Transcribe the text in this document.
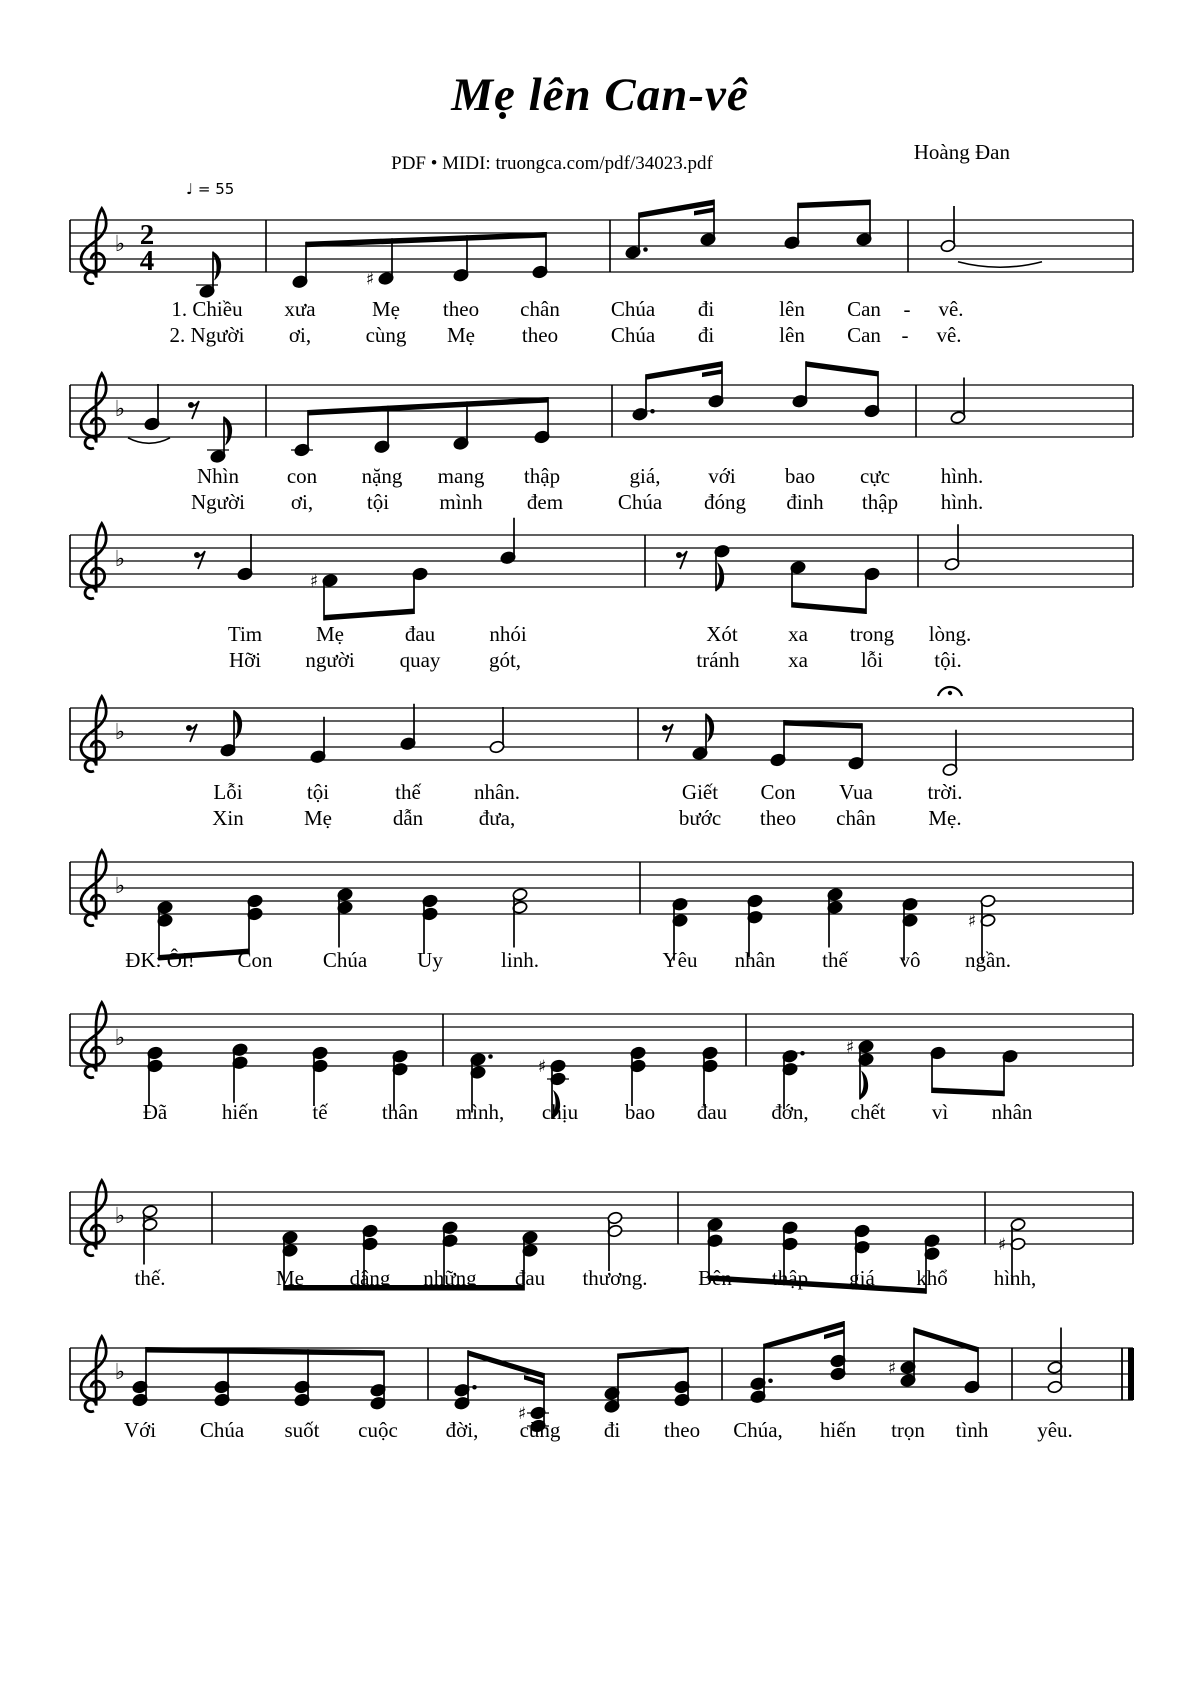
Mẹ lên Can-vê
PDF • MIDI: truongca.com/pdf/34023.pdf	Hoàng Đan
♩ = 55
♭ 2
4
♯
♭
♭
♯
♭
♭
♯
♭
♯
♯
♭
♯
♭
♯
♯
1. Chiều xưa	Mẹ theo chân Chúa đi	lên Can - vê.
2. Người ơi,	cùng Mẹ theo	Chúa đi	lên Can - vê.
Nhìn con nặng mang thập	giá, với bao cực hình.
Người ơi,	tội mình đem	Chúa đóng đinh thập hình.
Tim	Mẹ	đau	nhói	Xót xa trong lòng.
Hỡi người quay gót,	tránh xa	lỗi tội.
Lỗi	tội	thế	nhân.	Giết Con Vua	trời.
Xin	Mẹ	dẫn	đưa,	bước theo chân	Mẹ.
ĐK: Ôi! Con Chúa Uy	linh.	Yêu nhân thế vô ngần.
Đã	hiến	tế	thân mình, chịu bao đau đớn, chết vì nhân
thế.	Mẹ dâng những đau thương. Bên thập giá khổ hình,
Với Chúa suốt cuộc đời, cùng đi theo Chúa, hiến trọn tình yêu.
